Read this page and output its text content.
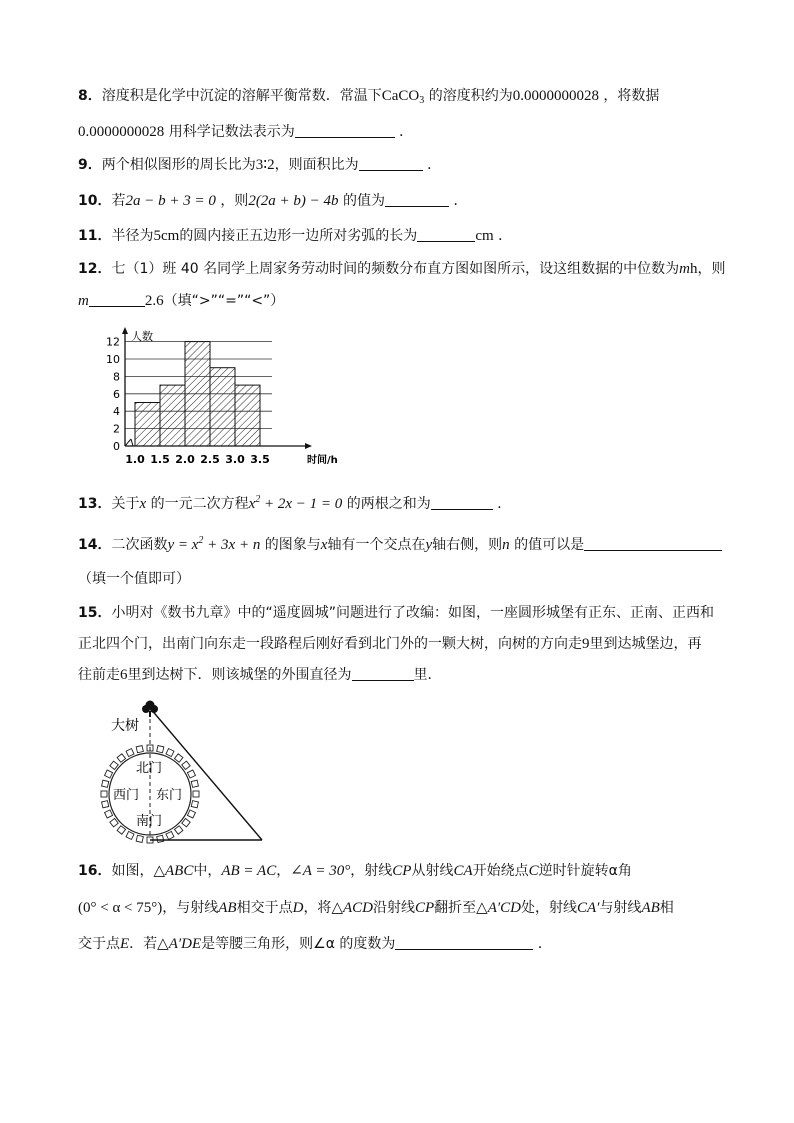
8．溶度积是化学中沉淀的溶解平衡常数．常温下CaCO$_3$ 的溶度积约为0.0000000028 ，将数据
0.0000000028 用科学记数法表示为	．
9．两个相似图形的周长比为3∶2，则面积比为	．
10．若2a − b + 3 = 0 ，则2(2a + b) − 4b 的值为	．
11．半径为5cm的圆内接正五边形一边所对劣弧的长为	cm ．
12．七（1）班 40 名同学上周家务劳动时间的频数分布直方图如图所示，设这组数据的中位数为mh，则
m	2.6（填“>”“=”“<”）
0
2
4
6
8
10
12
1.0 1.5 2.0 2.5 3.0 3.5
人数
时间/h
13．关于x 的一元二次方程$x^2 + 2x - 1 = 0$ 的两根之和为	．
14．二次函数$y = x^2 + 3x + n$ 的图象与x轴有一个交点在y轴右侧，则n 的值可以是
（填一个值即可）
15．小明对《数书九章》中的“遥度圆城”问题进行了改编：如图，一座圆形城堡有正东、正南、正西和
正北四个门，出南门向东走一段路程后刚好看到北门外的一颗大树，向树的方向走9里到达城堡边，再
往前走6里到达树下．则该城堡的外围直径为	里．
大树
北门
西门 东门
南门
16．如图，△ABC中，AB = AC，∠A = 30°，射线CP从射线CA开始绕点C逆时针旋转α角
(0° < α < 75°)，与射线AB相交于点D，将△ACD沿射线CP翻折至△A′CD处，射线CA′与射线AB相
交于点E．若△A′DE是等腰三角形，则∠α 的度数为	．
